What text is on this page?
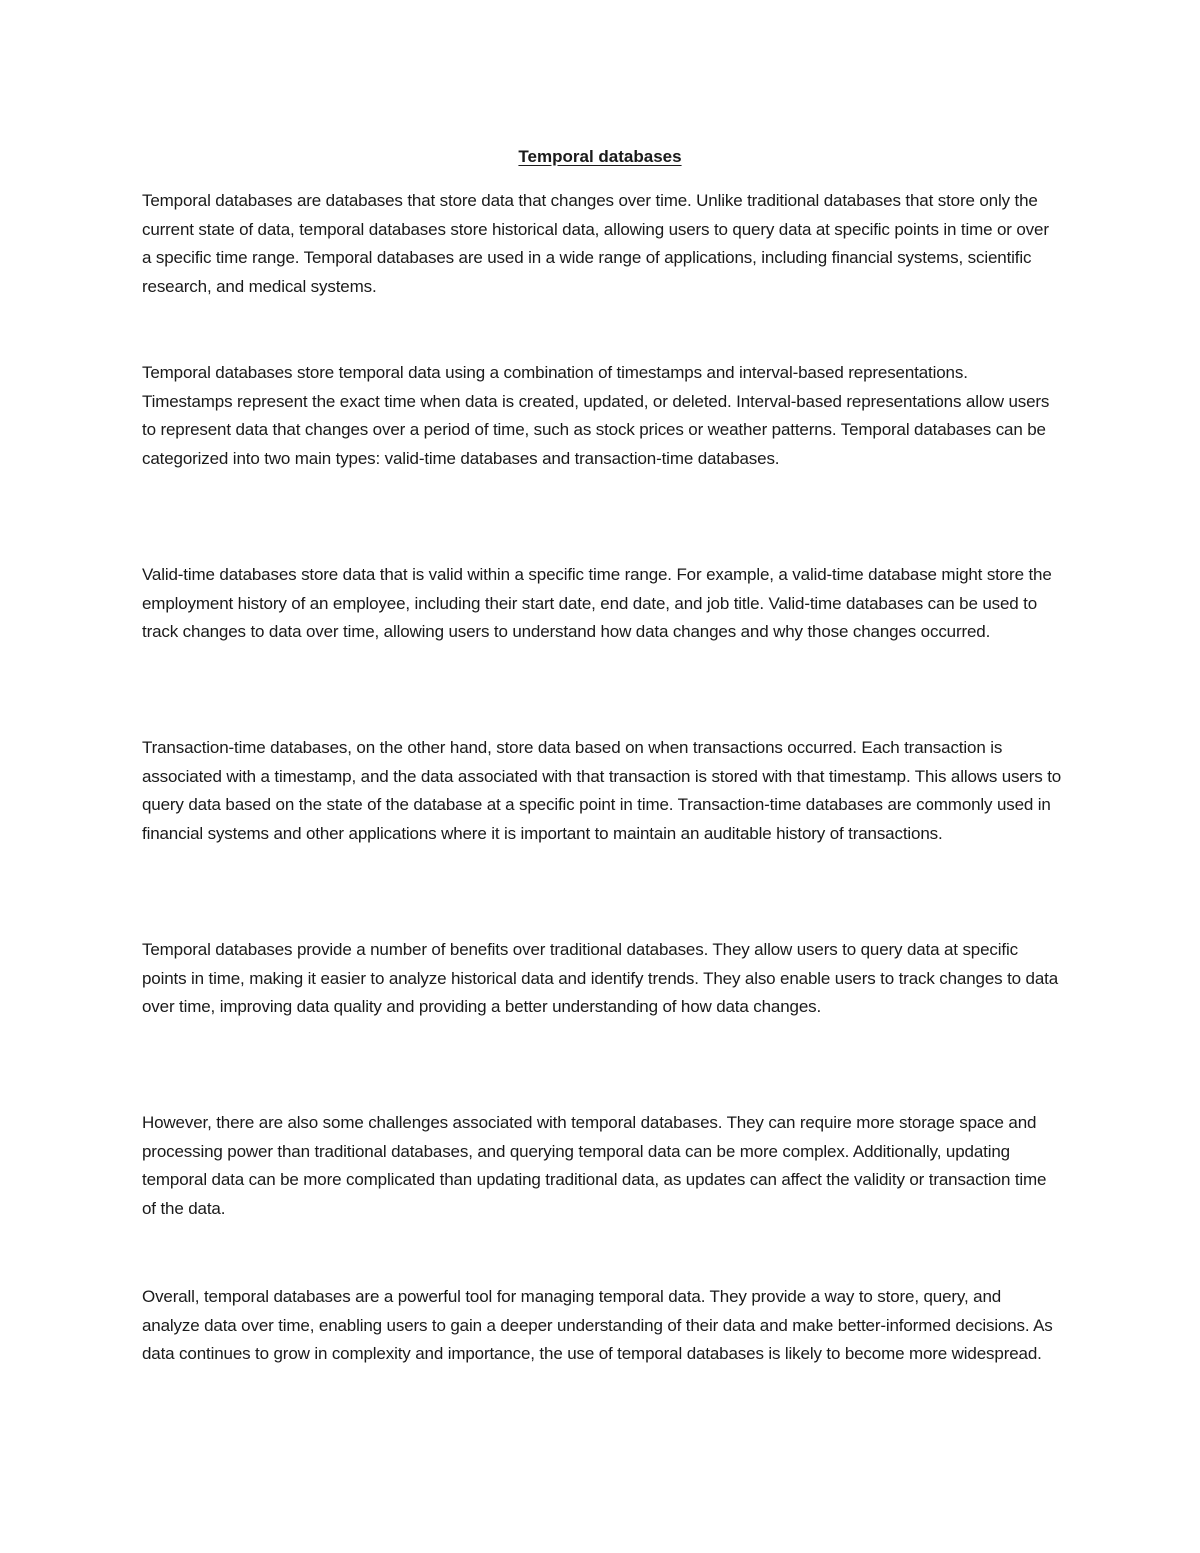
Temporal databases

Temporal databases are databases that store data that changes over time. Unlike traditional databases that store only the current state of data, temporal databases store historical data, allowing users to query data at specific points in time or over a specific time range. Temporal databases are used in a wide range of applications, including financial systems, scientific research, and medical systems.

Temporal databases store temporal data using a combination of timestamps and interval-based representations. Timestamps represent the exact time when data is created, updated, or deleted. Interval-based representations allow users to represent data that changes over a period of time, such as stock prices or weather patterns. Temporal databases can be categorized into two main types: valid-time databases and transaction-time databases.

Valid-time databases store data that is valid within a specific time range. For example, a valid-time database might store the employment history of an employee, including their start date, end date, and job title. Valid-time databases can be used to track changes to data over time, allowing users to understand how data changes and why those changes occurred.

Transaction-time databases, on the other hand, store data based on when transactions occurred. Each transaction is associated with a timestamp, and the data associated with that transaction is stored with that timestamp. This allows users to query data based on the state of the database at a specific point in time. Transaction-time databases are commonly used in financial systems and other applications where it is important to maintain an auditable history of transactions.

Temporal databases provide a number of benefits over traditional databases. They allow users to query data at specific points in time, making it easier to analyze historical data and identify trends. They also enable users to track changes to data over time, improving data quality and providing a better understanding of how data changes.

However, there are also some challenges associated with temporal databases. They can require more storage space and processing power than traditional databases, and querying temporal data can be more complex. Additionally, updating temporal data can be more complicated than updating traditional data, as updates can affect the validity or transaction time of the data.

Overall, temporal databases are a powerful tool for managing temporal data. They provide a way to store, query, and analyze data over time, enabling users to gain a deeper understanding of their data and make better-informed decisions. As data continues to grow in complexity and importance, the use of temporal databases is likely to become more widespread.
